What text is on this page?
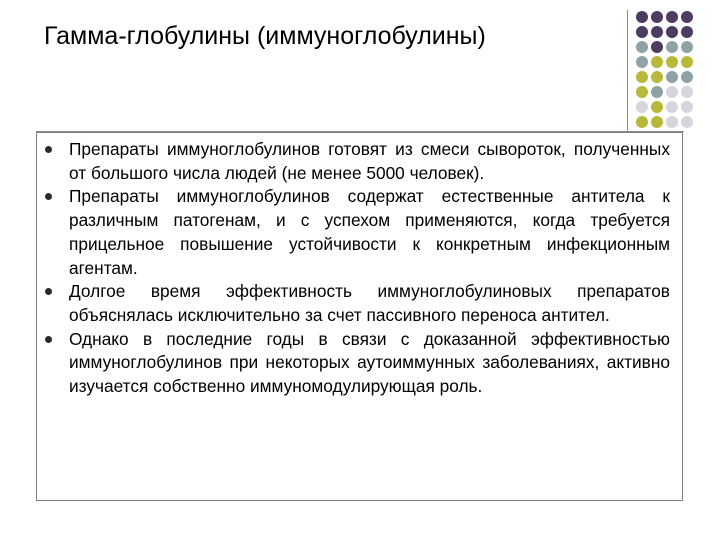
Гамма-глобулины (иммуноглобулины)
Препараты иммуноглобулинов готовят из смеси сывороток, полученных от большого числа людей (не менее 5000 человек).
Препараты иммуноглобулинов содержат естественные антитела к различным патогенам, и с успехом применяются, когда требуется прицельное повышение устойчивости к конкретным инфекционным агентам.
Долгое время эффективность иммуноглобулиновых препаратов объяснялась исключительно за счет пассивного переноса антител.
Однако в последние годы в связи с доказанной эффективностью иммуноглобулинов при некоторых аутоиммунных заболеваниях, активно изучается собственно иммуномодулирующая роль.
